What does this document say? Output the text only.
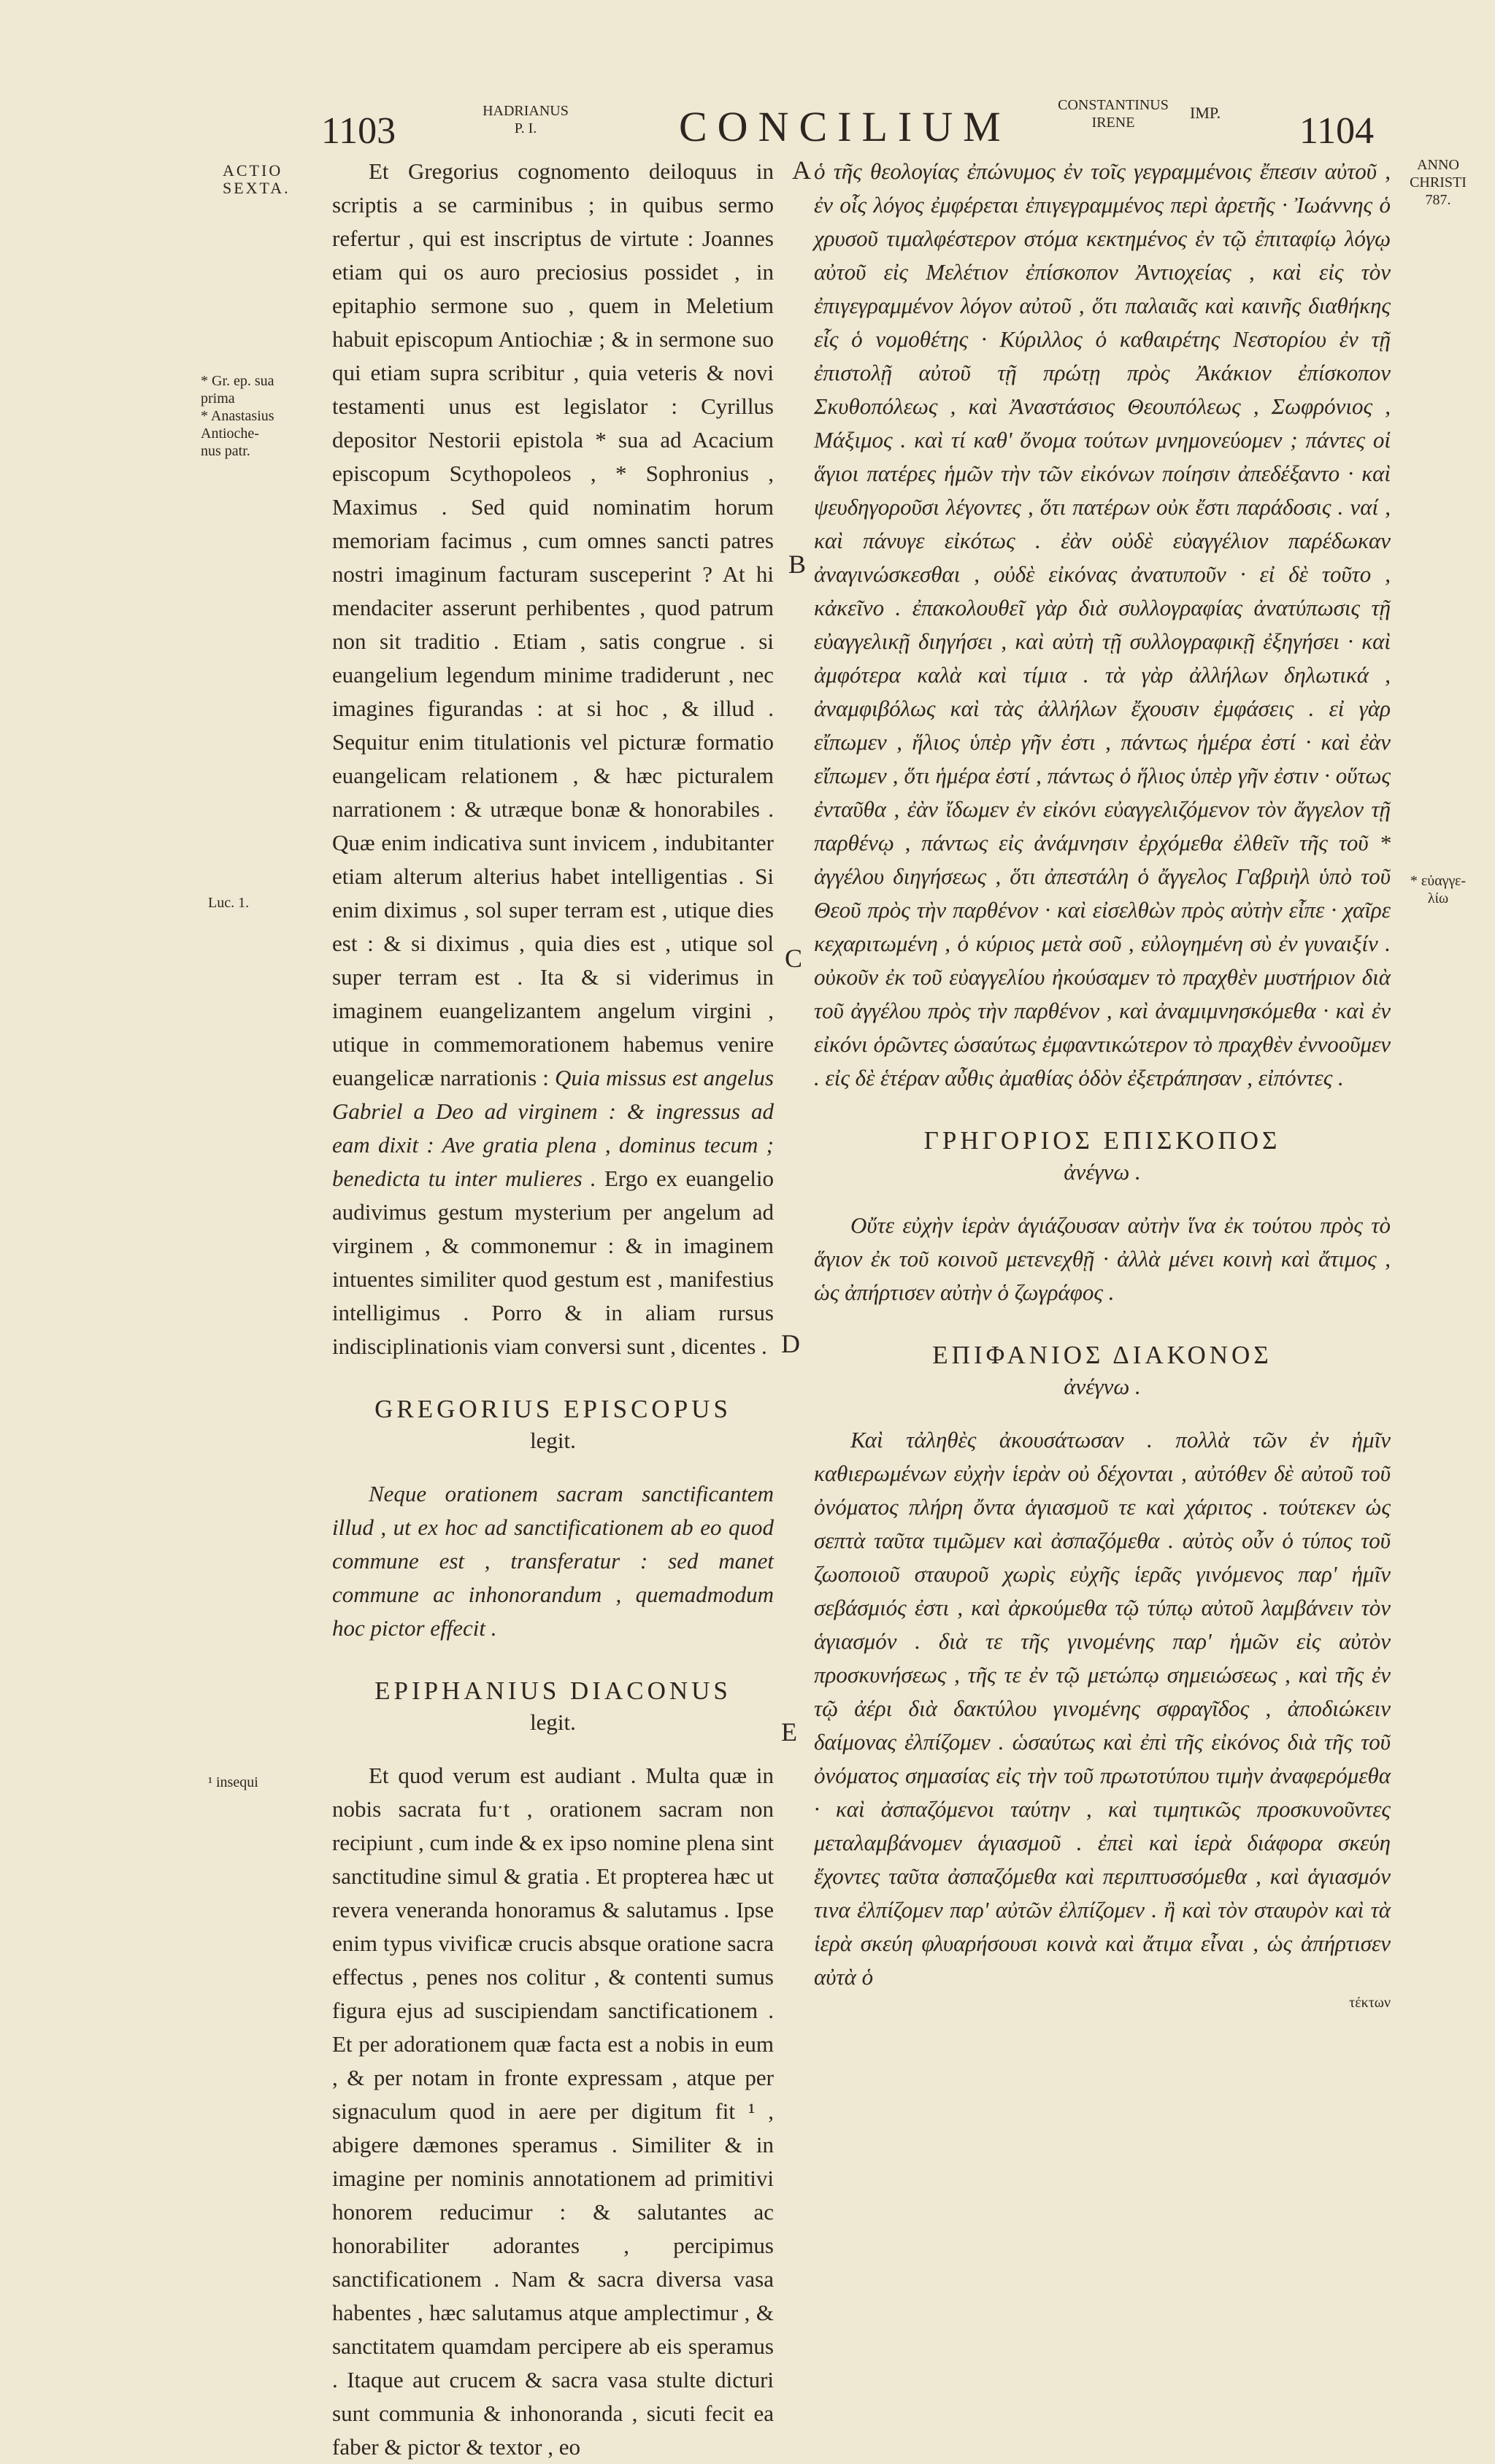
1103	HADRIANUS
P. I.	CONCILIUM	CONSTANTINUS
IRENE
IMP. 1104
ANNO
CHRISTI
787.
ACTIO
SEXTA.
* Gr. ep. sua
prima
* Anastasius
Antioche-
nus patr.
Luc. 1.
¹ insequi
* εὐαγγε-
λίω
A
B
C
D
E

Et Gregorius cognomento deiloquus in scriptis a se carminibus ; in quibus sermo refertur , qui est inscriptus de virtute : Joannes etiam qui os auro preciosius possidet , in epitaphio sermone suo , quem in Meletium habuit episcopum Antiochiæ ; & in sermone suo qui etiam supra scribitur , quia veteris & novi testamenti unus est legislator : Cyrillus depositor Nestorii epistola * sua ad Acacium episcopum Scythopoleos , * Sophronius , Maximus . Sed quid nominatim horum memoriam facimus , cum omnes sancti patres nostri imaginum facturam susceperint ? At hi mendaciter asserunt perhibentes , quod patrum non sit traditio . Etiam , satis congrue . si euangelium legendum minime tradiderunt , nec imagines figurandas : at si hoc , & illud . Sequitur enim titulationis vel picturæ formatio euangelicam relationem , & hæc picturalem narrationem : & utræque bonæ & honorabiles . Quæ enim indicativa sunt invicem , indubitanter etiam alterum alterius habet intelligentias . Si enim diximus , sol super terram est , utique dies est : & si diximus , quia dies est , utique sol super terram est . Ita & si viderimus in imaginem euangelizantem angelum virgini , utique in commemorationem habemus venire euangelicæ narrationis : Quia missus est angelus Gabriel a Deo ad virginem : & ingressus ad eam dixit : Ave gratia plena , dominus tecum ; benedicta tu inter mulieres . Ergo ex euangelio audivimus gestum mysterium per angelum ad virginem , & commonemur : & in imaginem intuentes similiter quod gestum est , manifestius intelligimus . Porro & in aliam rursus indisciplinationis viam conversi sunt , dicentes .

GREGORIUS EPISCOPUS
legit.

Neque orationem sacram sanctificantem illud , ut ex hoc ad sanctificationem ab eo quod commune est , transferatur : sed manet commune ac inhonorandum , quemadmodum hoc pictor effecit .

EPIPHANIUS DIACONUS
legit.

Et quod verum est audiant . Multa quæ in nobis sacrata fuˑt , orationem sacram non recipiunt , cum inde & ex ipso nomine plena sint sanctitudine simul & gratia . Et propterea hæc ut revera veneranda honoramus & salutamus . Ipse enim typus vivificæ crucis absque oratione sacra effectus , penes nos colitur , & contenti sumus figura ejus ad suscipiendam sanctificationem . Et per adorationem quæ facta est a nobis in eum , & per notam in fronte expressam , atque per signaculum quod in aere per digitum fit ¹ , abigere dæmones speramus . Similiter & in imagine per nominis annotationem ad primitivi honorem reducimur : & salutantes ac honorabiliter adorantes , percipimus sanctificationem . Nam & sacra diversa vasa habentes , hæc salutamus atque amplectimur , & sanctitatem quamdam percipere ab eis speramus . Itaque aut crucem & sacra vasa stulte dicturi sunt communia & inhonoranda , sicuti fecit ea faber & pictor & textor , eo

ὁ τῆς θεολογίας ἐπώνυμος ἐν τοῖς γεγραμμένοις ἔπεσιν αὐτοῦ , ἐν οἷς λόγος ἐμφέρεται ἐπιγεγραμμένος περὶ ἀρετῆς · Ἰωάννης ὁ χρυσοῦ τιμαλφέστερον στόμα κεκτημένος ἐν τῷ ἐπιταφίῳ λόγῳ αὐτοῦ εἰς Μελέτιον ἐπίσκοπον Ἀντιοχείας , καὶ εἰς τὸν ἐπιγεγραμμένον λόγον αὐτοῦ , ὅτι παλαιᾶς καὶ καινῆς διαθήκης εἷς ὁ νομοθέτης · Κύριλλος ὁ καθαιρέτης Νεστορίου ἐν τῇ ἐπιστολῇ αὐτοῦ τῇ πρώτῃ πρὸς Ἀκάκιον ἐπίσκοπον Σκυθοπόλεως , καὶ Ἀναστάσιος Θεουπόλεως , Σωφρόνιος , Μάξιμος . καὶ τί καθ' ὄνομα τούτων μνημονεύομεν ; πάντες οἱ ἅγιοι πατέρες ἡμῶν τὴν τῶν εἰκόνων ποίησιν ἀπεδέξαντο · καὶ ψευδηγοροῦσι λέγοντες , ὅτι πατέρων οὐκ ἔστι παράδοσις . ναί , καὶ πάνυγε εἰκότως . ἐὰν οὐδὲ εὐαγγέλιον παρέδωκαν ἀναγινώσκεσθαι , οὐδὲ εἰκόνας ἀνατυποῦν · εἰ δὲ τοῦτο , κἀκεῖνο . ἐπακολουθεῖ γὰρ διὰ συλλογραφίας ἀνατύπωσις τῇ εὐαγγελικῇ διηγήσει , καὶ αὐτὴ τῇ συλλογραφικῇ ἐξηγήσει · καὶ ἀμφότερα καλὰ καὶ τίμια . τὰ γὰρ ἀλλήλων δηλωτικά , ἀναμφιβόλως καὶ τὰς ἀλλήλων ἔχουσιν ἐμφάσεις . εἰ γὰρ εἴπωμεν , ἥλιος ὑπὲρ γῆν ἐστι , πάντως ἡμέρα ἐστί · καὶ ἐὰν εἴπωμεν , ὅτι ἡμέρα ἐστί , πάντως ὁ ἥλιος ὑπὲρ γῆν ἐστιν · οὕτως ἐνταῦθα , ἐὰν ἴδωμεν ἐν εἰκόνι εὐαγγελιζόμενον τὸν ἄγγελον τῇ παρθένῳ , πάντως εἰς ἀνάμνησιν ἐρχόμεθα ἐλθεῖν τῆς τοῦ * ἀγγέλου διηγήσεως , ὅτι ἀπεστάλη ὁ ἄγγελος Γαβριὴλ ὑπὸ τοῦ Θεοῦ πρὸς τὴν παρθένον · καὶ εἰσελθὼν πρὸς αὐτὴν εἶπε · χαῖρε κεχαριτωμένη , ὁ κύριος μετὰ σοῦ , εὐλογημένη σὺ ἐν γυναιξίν . οὐκοῦν ἐκ τοῦ εὐαγγελίου ἠκούσαμεν τὸ πραχθὲν μυστήριον διὰ τοῦ ἀγγέλου πρὸς τὴν παρθένον , καὶ ἀναμιμνησκόμεθα · καὶ ἐν εἰκόνι ὁρῶντες ὡσαύτως ἐμφαντικώτερον τὸ πραχθὲν ἐννοοῦμεν . εἰς δὲ ἑτέραν αὖθις ἀμαθίας ὁδὸν ἐξετράπησαν , εἰπόντες .

ΓΡΗΓΟΡΙΟΣ ΕΠΙΣΚΟΠΟΣ
ἀνέγνω .

Οὔτε εὐχὴν ἱερὰν ἁγιάζουσαν αὐτὴν ἵνα ἐκ τούτου πρὸς τὸ ἅγιον ἐκ τοῦ κοινοῦ μετενεχθῇ · ἀλλὰ μένει κοινὴ καὶ ἄτιμος , ὡς ἀπήρτισεν αὐτὴν ὁ ζωγράφος .

ΕΠΙΦΑΝΙΟΣ ΔΙΑΚΟΝΟΣ
ἀνέγνω .

Καὶ τἀληθὲς ἀκουσάτωσαν . πολλὰ τῶν ἐν ἡμῖν καθιερωμένων εὐχὴν ἱερὰν οὐ δέχονται , αὐτόθεν δὲ αὐτοῦ τοῦ ὀνόματος πλήρη ὄντα ἁγιασμοῦ τε καὶ χάριτος . τούτεκεν ὡς σεπτὰ ταῦτα τιμῶμεν καὶ ἀσπαζόμεθα . αὐτὸς οὖν ὁ τύπος τοῦ ζωοποιοῦ σταυροῦ χωρὶς εὐχῆς ἱερᾶς γινόμενος παρ' ἡμῖν σεβάσμιός ἐστι , καὶ ἀρκούμεθα τῷ τύπῳ αὐτοῦ λαμβάνειν τὸν ἁγιασμόν . διὰ τε τῆς γινομένης παρ' ἡμῶν εἰς αὐτὸν προσκυνήσεως , τῆς τε ἐν τῷ μετώπῳ σημειώσεως , καὶ τῆς ἐν τῷ ἀέρι διὰ δακτύλου γινομένης σφραγῖδος , ἀποδιώκειν δαίμονας ἐλπίζομεν . ὡσαύτως καὶ ἐπὶ τῆς εἰκόνος διὰ τῆς τοῦ ὀνόματος σημασίας εἰς τὴν τοῦ πρωτοτύπου τιμὴν ἀναφερόμεθα · καὶ ἀσπαζόμενοι ταύτην , καὶ τιμητικῶς προσκυνοῦντες μεταλαμβάνομεν ἁγιασμοῦ . ἐπεὶ καὶ ἱερὰ διάφορα σκεύη ἔχοντες ταῦτα ἀσπαζόμεθα καὶ περιπτυσσόμεθα , καὶ ἁγιασμόν τινα ἐλπίζομεν παρ' αὐτῶν ἐλπίζομεν . ἢ καὶ τὸν σταυρὸν καὶ τὰ ἱερὰ σκεύη φλυαρήσουσι κοινὰ καὶ ἄτιμα εἶναι , ὡς ἀπήρτισεν αὐτὰ ὁ

τέκτων
